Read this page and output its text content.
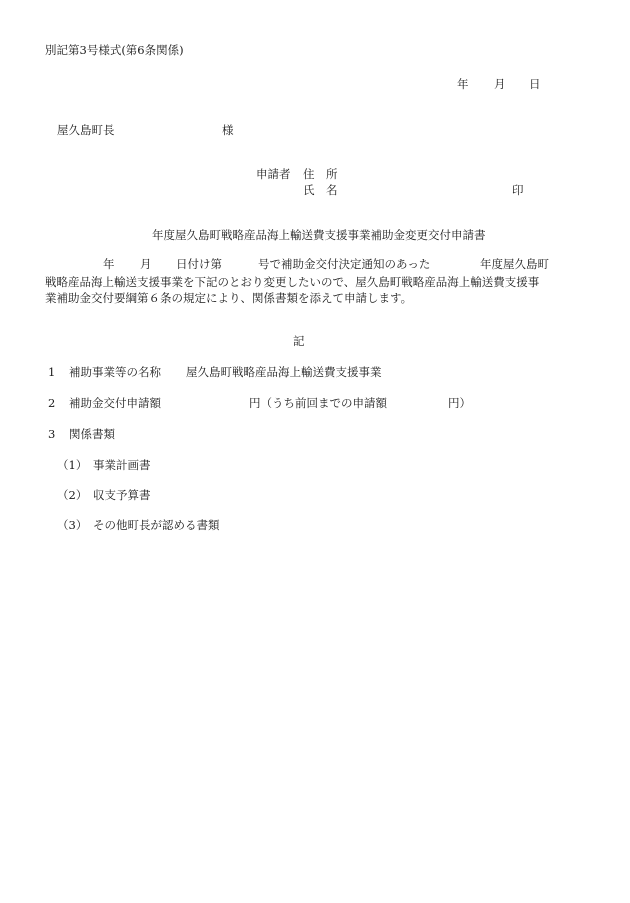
別記第3号様式(第6条関係)
年 月 日
屋久島町長	様
申請者 住　所
氏　名	印
年度屋久島町戦略産品海上輸送費支援事業補助金変更交付申請書
年 月 日付け第	号で補助金交付決定通知のあった	年度屋久島町
戦略産品海上輸送支援事業を下記のとおり変更したいので、屋久島町戦略産品海上輸送費支援事
業補助金交付要綱第６条の規定により、関係書類を添えて申請します。
記
1 補助事業等の名称 屋久島町戦略産品海上輸送費支援事業
2 補助金交付申請額	円（うち前回までの申請額	円）
3 関係書類
（1） 事業計画書
（2） 収支予算書
（3） その他町長が認める書類
